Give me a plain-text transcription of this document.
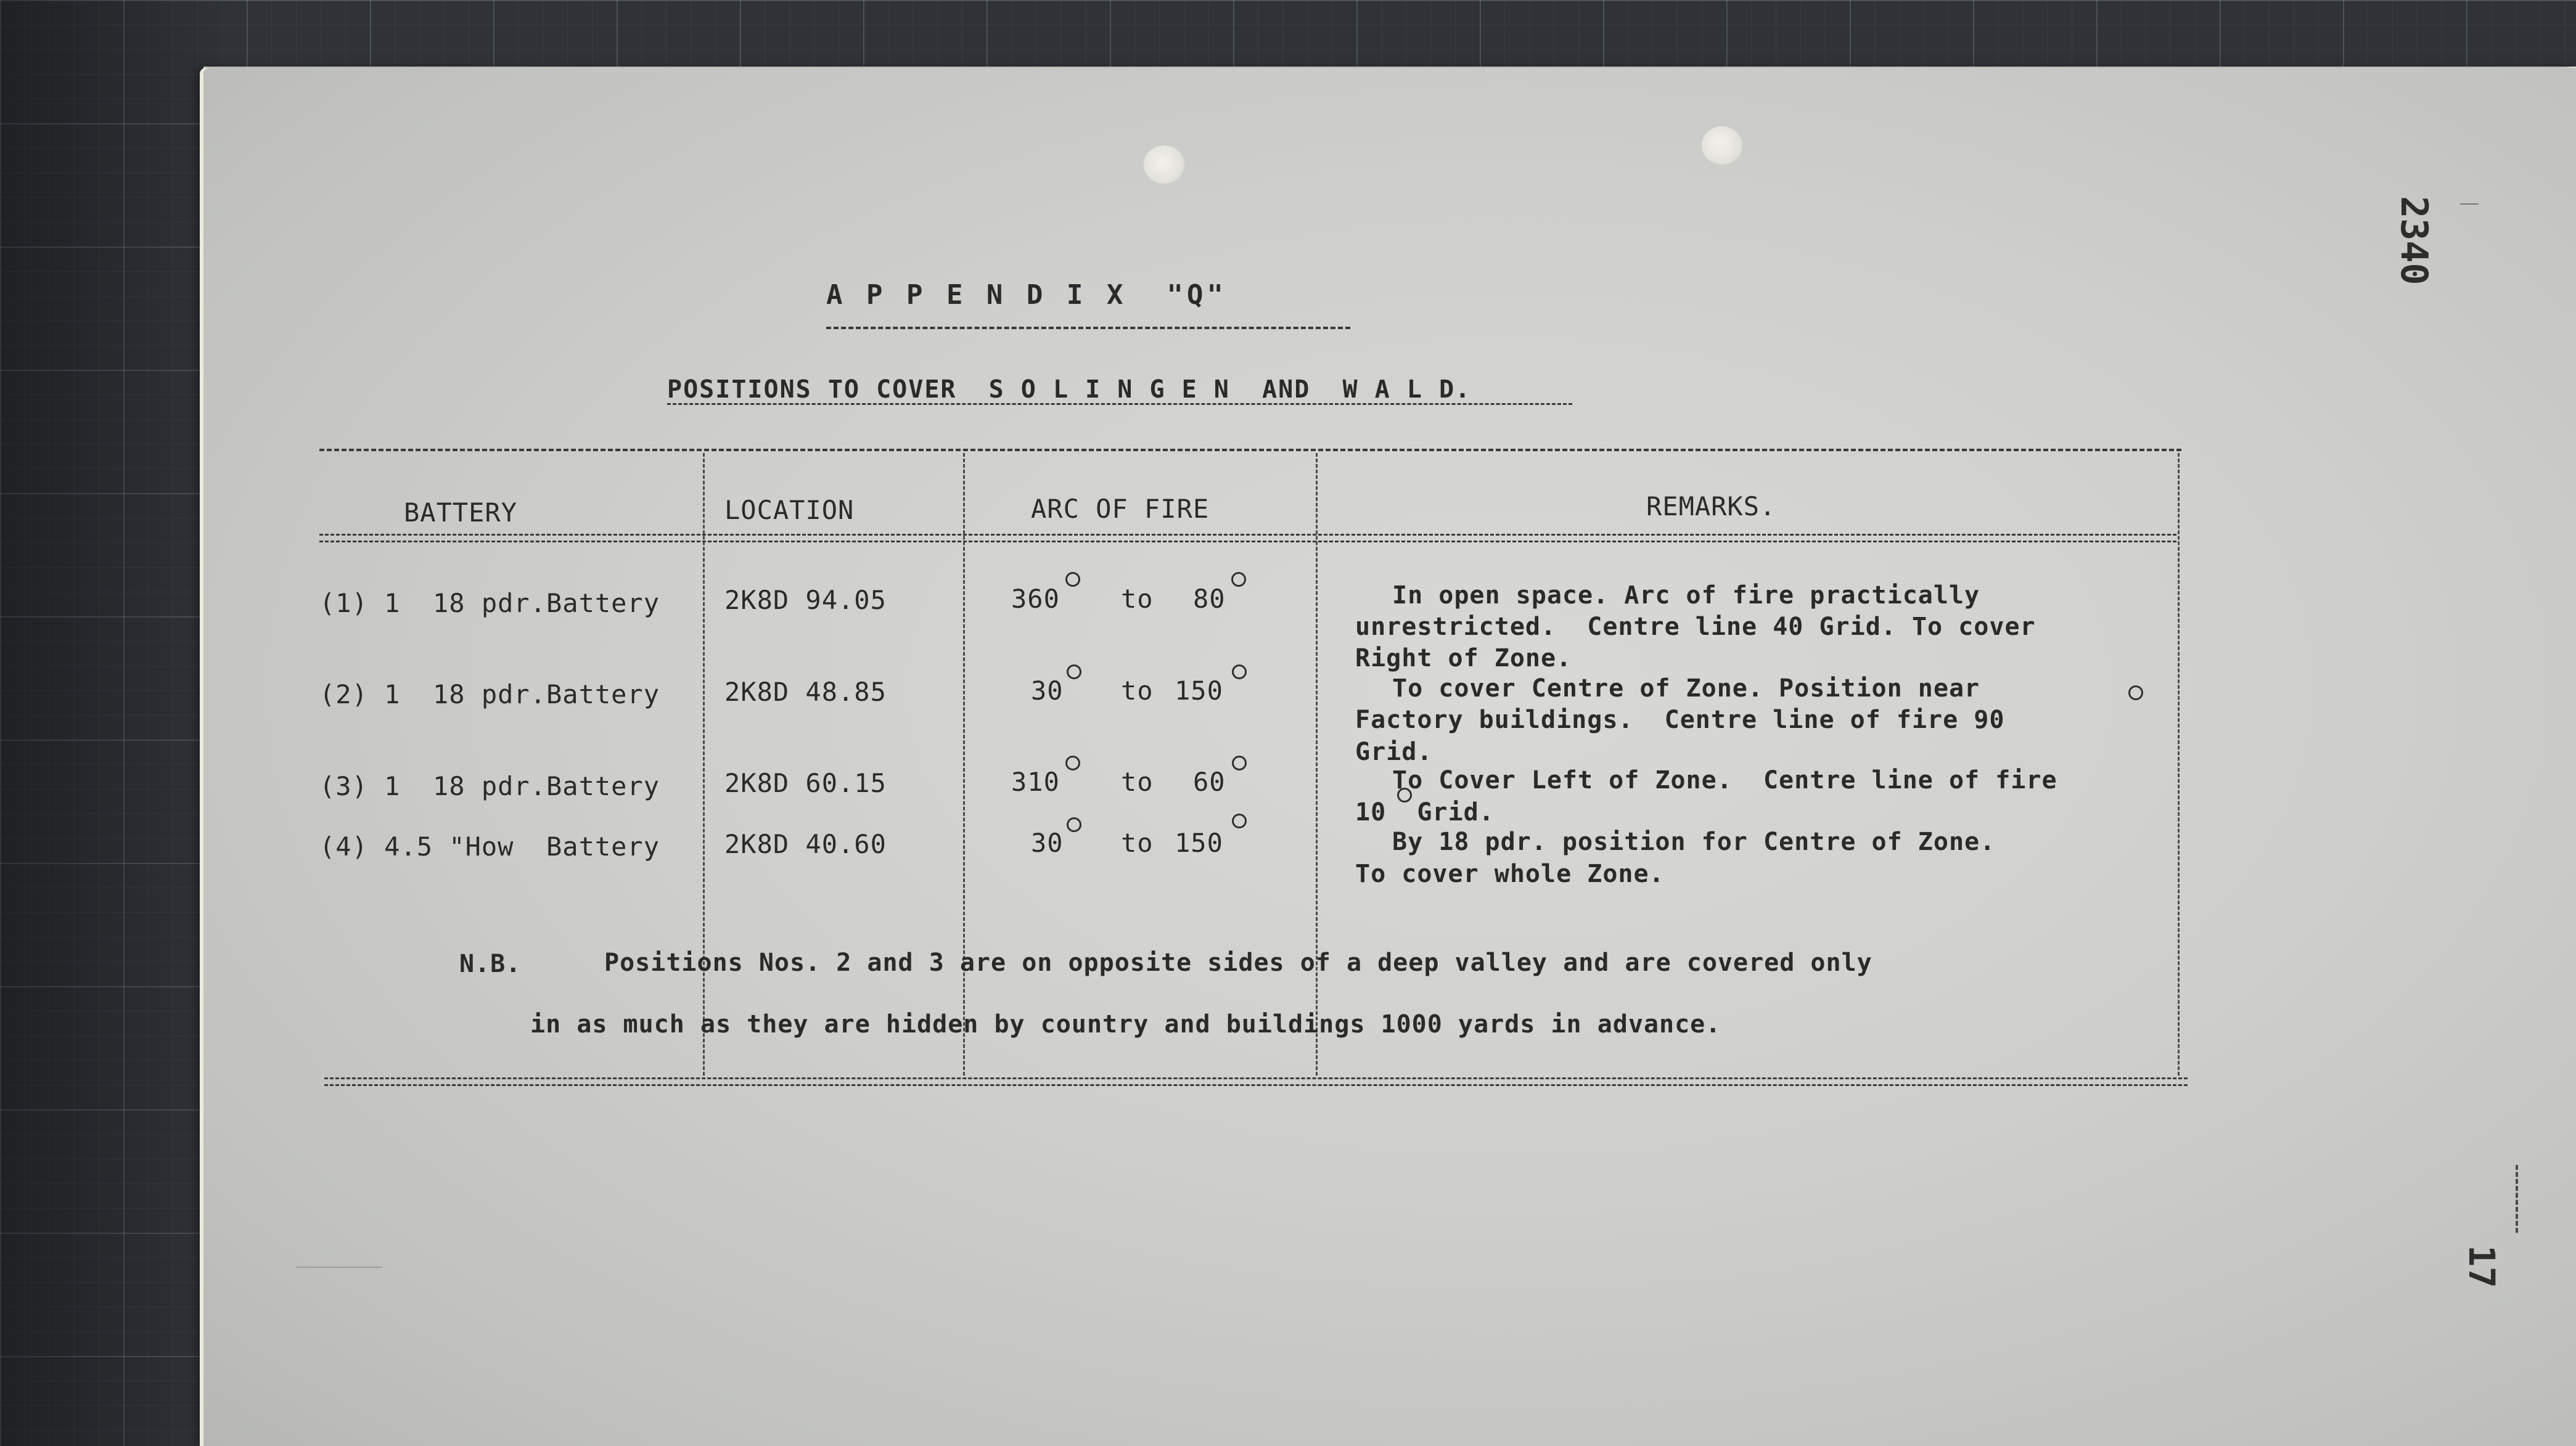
2340
17
A P P E N D I X  "Q"
POSITIONS TO COVER  S O L I N G E N  AND  W A L D.
BATTERY	LOCATION	ARC OF FIRE	REMARKS.
(1) 1  18 pdr.Battery 2K8D 94.05	360 to 80	In open space. Arc of fire practically
unrestricted.  Centre line 40 Grid. To cover
Right of Zone.
(2) 1  18 pdr.Battery 2K8D 48.85	30 to 150	To cover Centre of Zone. Position near
Factory buildings.  Centre line of fire 90
Grid.
(3) 1  18 pdr.Battery 2K8D 60.15	310 to 60	To Cover Left of Zone.  Centre line of fire
10  Grid.
(4) 4.5 "How  Battery 2K8D 40.60	30 to 150	By 18 pdr. position for Centre of Zone.
To cover whole Zone.
N.B.	Positions Nos. 2 and 3 are on opposite sides of a deep valley and are covered only
in as much as they are hidden by country and buildings 1000 yards in advance.
